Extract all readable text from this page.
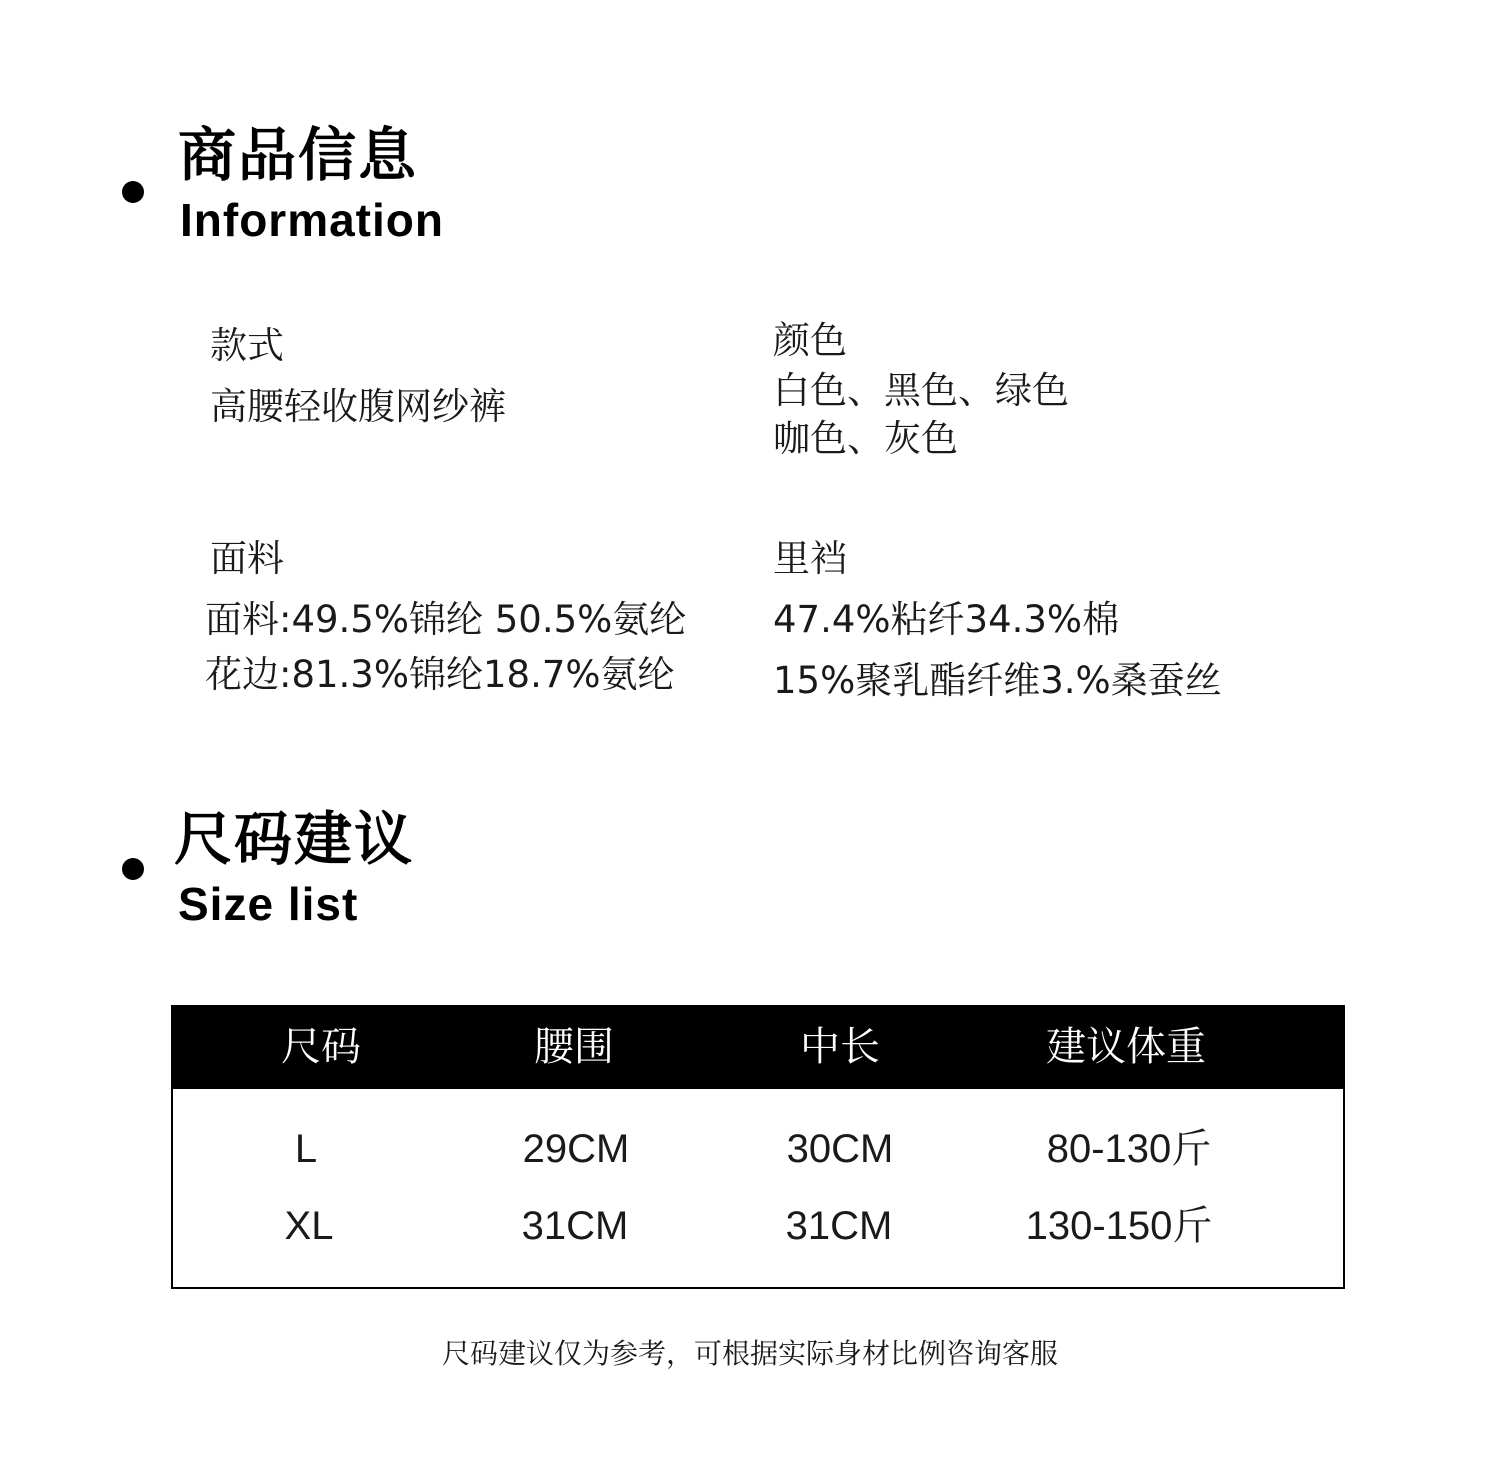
商品信息
Information
款式
高腰轻收腹网纱裤
颜色
白色、黑色、绿色
咖色、灰色
面料
面料:49.5%锦纶 50.5%氨纶
花边:81.3%锦纶18.7%氨纶
里裆
47.4%粘纤34.3%棉
15%聚乳酯纤维3.%桑蚕丝
尺码建议
Size list
尺码	腰围	中长	建议体重
L	29CM	30CM	80-130斤
XL	31CM	31CM	130-150斤
尺码建议仅为参考，可根据实际身材比例咨询客服
